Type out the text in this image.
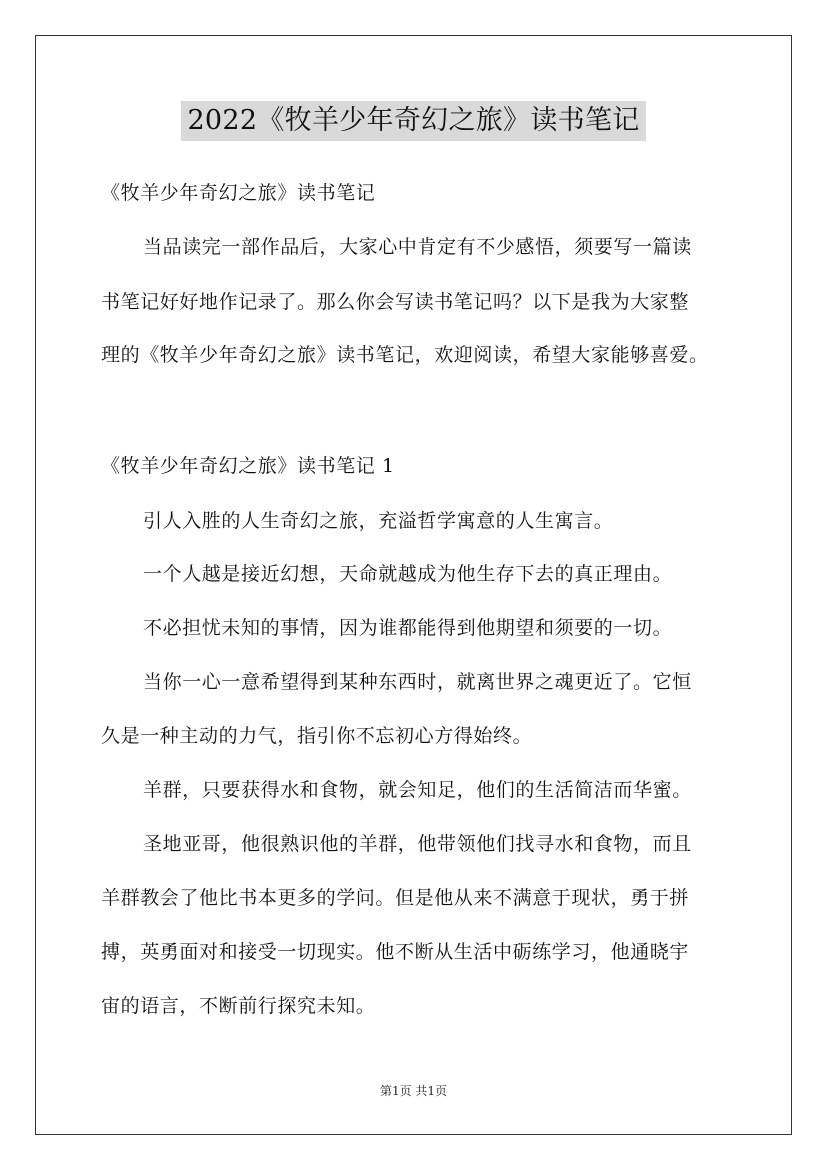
2022《牧羊少年奇幻之旅》读书笔记
《牧羊少年奇幻之旅》读书笔记
当品读完一部作品后，大家心中肯定有不少感悟，须要写一篇读
书笔记好好地作记录了。那么你会写读书笔记吗？以下是我为大家整
理的《牧羊少年奇幻之旅》读书笔记，欢迎阅读，希望大家能够喜爱。
《牧羊少年奇幻之旅》读书笔记 1
引人入胜的人生奇幻之旅，充溢哲学寓意的人生寓言。
一个人越是接近幻想，天命就越成为他生存下去的真正理由。
不必担忧未知的事情，因为谁都能得到他期望和须要的一切。
当你一心一意希望得到某种东西时，就离世界之魂更近了。它恒
久是一种主动的力气，指引你不忘初心方得始终。
羊群，只要获得水和食物，就会知足，他们的生活简洁而华蜜。
圣地亚哥，他很熟识他的羊群，他带领他们找寻水和食物，而且
羊群教会了他比书本更多的学问。但是他从来不满意于现状，勇于拼
搏，英勇面对和接受一切现实。他不断从生活中砺练学习，他通晓宇
宙的语言，不断前行探究未知。
第1页 共1页
